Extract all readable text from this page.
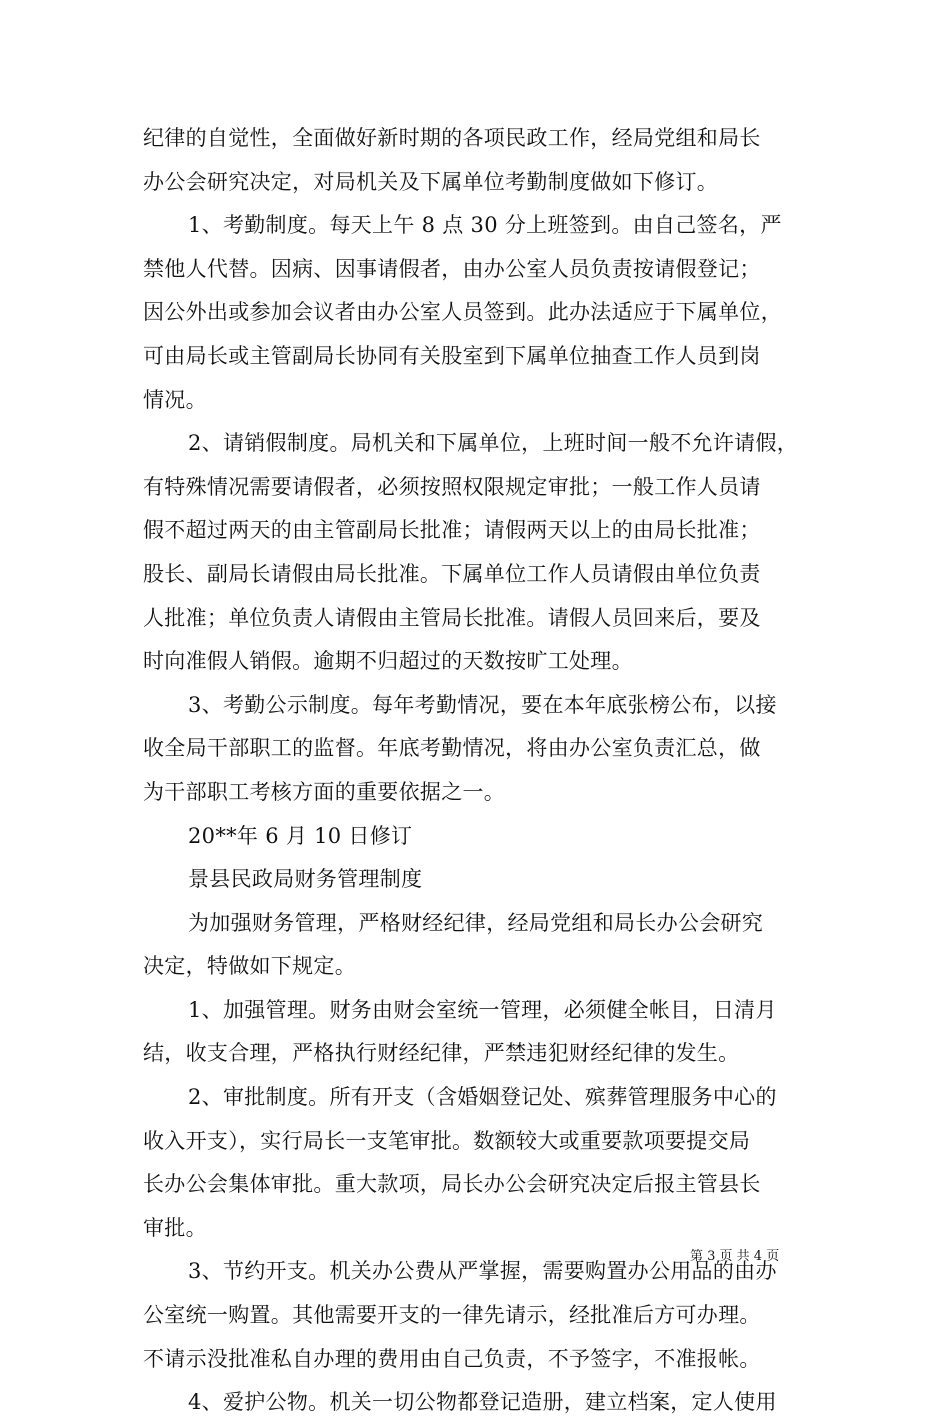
纪律的自觉性，全面做好新时期的各项民政工作，经局党组和局长
办公会研究决定，对局机关及下属单位考勤制度做如下修订。
1、考勤制度。每天上午 8 点 30 分上班签到。由自己签名，严
禁他人代替。因病、因事请假者，由办公室人员负责按请假登记；
因公外出或参加会议者由办公室人员签到。此办法适应于下属单位，
可由局长或主管副局长协同有关股室到下属单位抽查工作人员到岗
情况。
2、请销假制度。局机关和下属单位，上班时间一般不允许请假，
有特殊情况需要请假者，必须按照权限规定审批；一般工作人员请
假不超过两天的由主管副局长批准；请假两天以上的由局长批准；
股长、副局长请假由局长批准。下属单位工作人员请假由单位负责
人批准；单位负责人请假由主管局长批准。请假人员回来后，要及
时向准假人销假。逾期不归超过的天数按旷工处理。
3、考勤公示制度。每年考勤情况，要在本年底张榜公布，以接
收全局干部职工的监督。年底考勤情况，将由办公室负责汇总，做
为干部职工考核方面的重要依据之一。
20**年 6 月 10 日修订
景县民政局财务管理制度
为加强财务管理，严格财经纪律，经局党组和局长办公会研究
决定，特做如下规定。
1、加强管理。财务由财会室统一管理，必须健全帐目，日清月
结，收支合理，严格执行财经纪律，严禁违犯财经纪律的发生。
2、审批制度。所有开支（含婚姻登记处、殡葬管理服务中心的
收入开支），实行局长一支笔审批。数额较大或重要款项要提交局
长办公会集体审批。重大款项，局长办公会研究决定后报主管县长
审批。
3、节约开支。机关办公费从严掌握，需要购置办公用品的由办
公室统一购置。其他需要开支的一律先请示，经批准后方可办理。
不请示没批准私自办理的费用由自己负责，不予签字，不准报帐。
4、爱护公物。机关一切公物都登记造册，建立档案，定人使用
第 3 页 共 4 页
